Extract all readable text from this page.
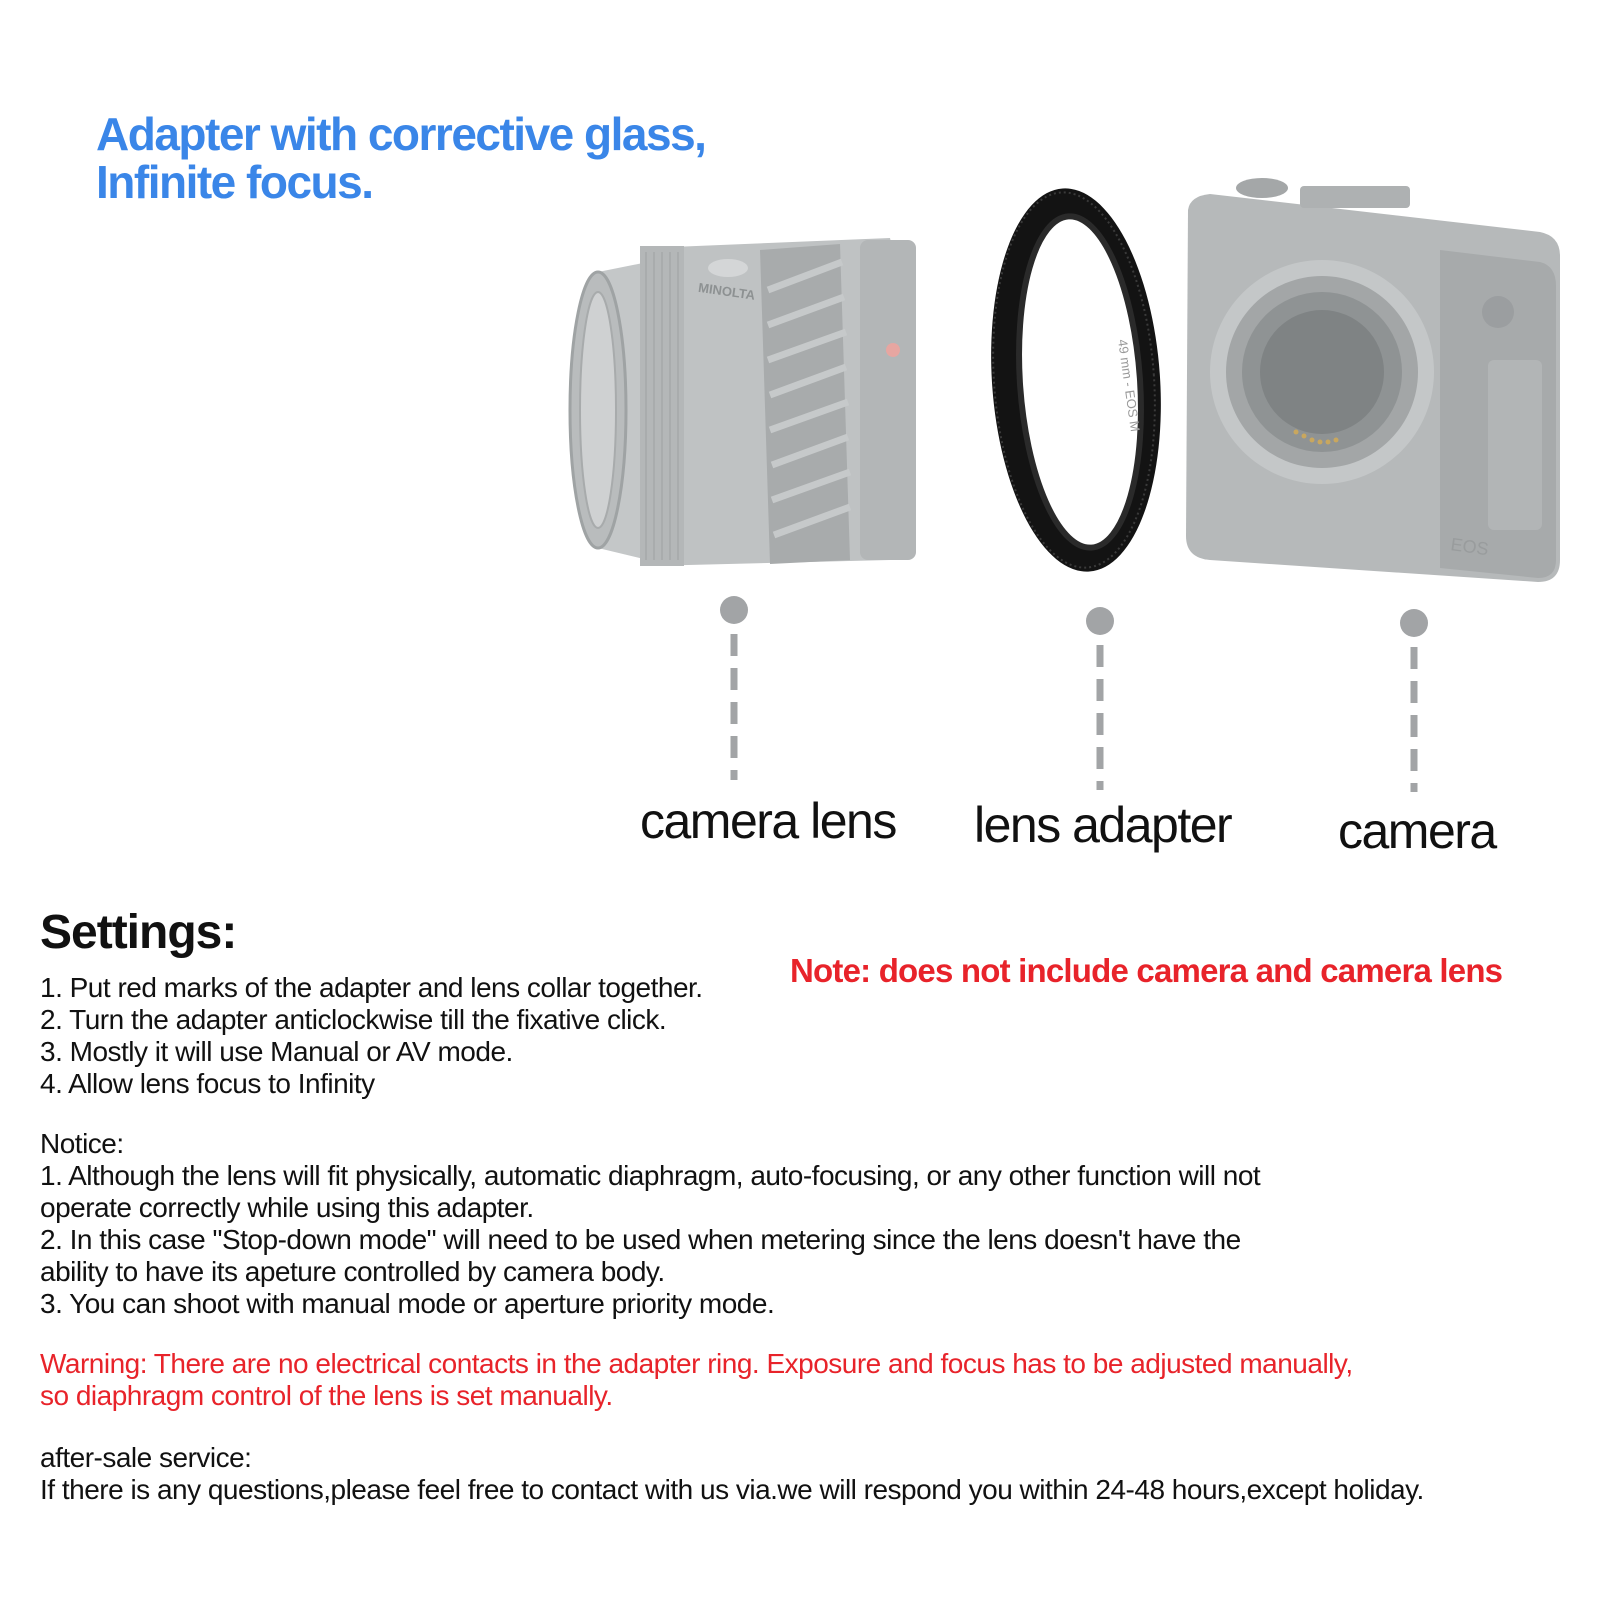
Adapter with corrective glass,
Infinite focus.
MINOLTA
49 mm - EOS M
EOS
camera lens lens adapter camera
Settings:
Note: does not include camera and camera lens
1. Put red marks of the adapter and lens collar together.
2. Turn the adapter anticlockwise till the fixative click.
3. Mostly it will use Manual or AV mode.
4. Allow lens focus to Infinity
Notice:
1. Although the lens will fit physically, automatic diaphragm, auto-focusing, or any other function will not
operate correctly while using this adapter.
2. In this case "Stop-down mode" will need to be used when metering since the lens doesn't have the
ability to have its apeture controlled by camera body.
3. You can shoot with manual mode or aperture priority mode.
Warning: There are no electrical contacts in the adapter ring. Exposure and focus has to be adjusted manually,
so diaphragm control of the lens is set manually.
after-sale service:
If there is any questions,please feel free to contact with us via.we will respond you within 24-48 hours,except holiday.
